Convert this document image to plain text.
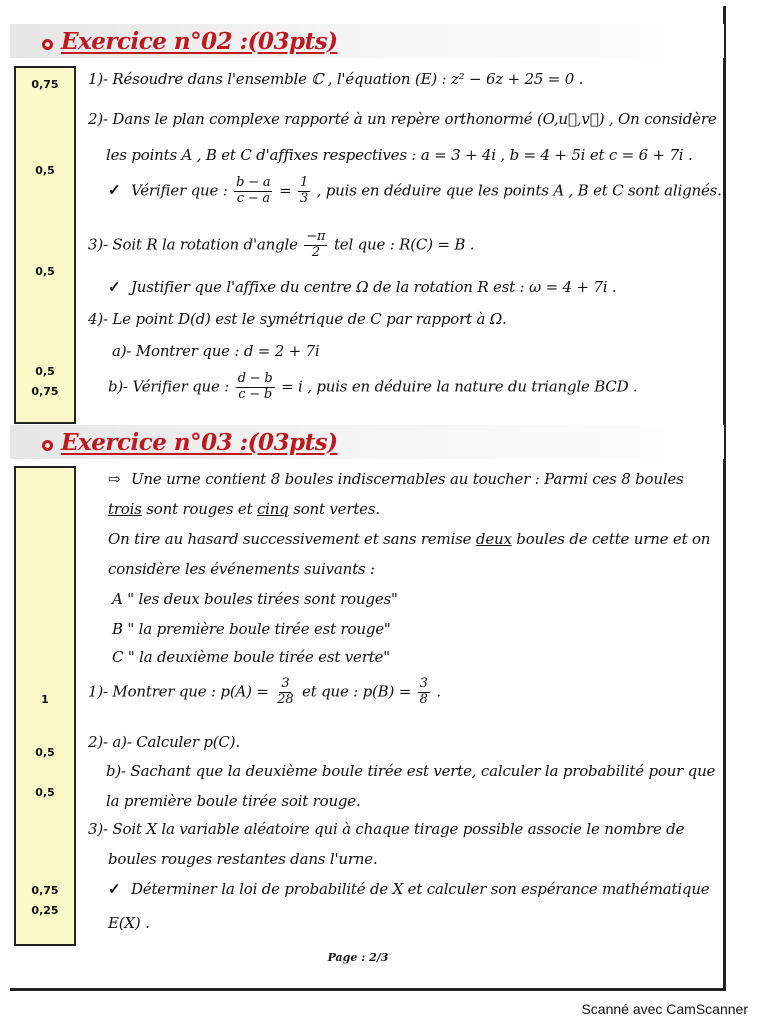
Exercice n°02 :(03pts)
0,75
0,5
0,5
0,5
0,75
1)- Résoudre dans l'ensemble ℂ , l'équation (E) : z² − 6z + 25 = 0 .
2)- Dans le plan complexe rapporté à un repère orthonormé (O,u⃗,v⃗) , On considère
les points A , B et C d'affixes respectives : a = 3 + 4i , b = 4 + 5i et c = 6 + 7i .
✓ Vérifier que : $\frac{b - a}{c - a} = \frac{1}{3}$ , puis en déduire que les points A , B et C sont alignés.
3)- Soit R la rotation d'angle $\frac{-\pi}{2}$ tel que : R(C) = B .
✓ Justifier que l'affixe du centre Ω de la rotation R est : ω = 4 + 7i .
4)- Le point D(d) est le symétrique de C par rapport à Ω.
a)- Montrer que : d = 2 + 7i
b)- Vérifier que : $\frac{d - b}{c - b} = i$ , puis en déduire la nature du triangle BCD .
Exercice n°03 :(03pts)
1
0,5
0,5
0,75
0,25
⇨ Une urne contient 8 boules indiscernables au toucher : Parmi ces 8 boules
trois sont rouges et cinq sont vertes.
On tire au hasard successivement et sans remise deux boules de cette urne et on
considère les événements suivants :
A " les deux boules tirées sont rouges"
B " la première boule tirée est rouge"
C " la deuxième boule tirée est verte"
1)- Montrer que : $p(A) = \frac{3}{28}$ et que : $p(B) = \frac{3}{8}$ .
2)- a)- Calculer p(C).
b)- Sachant que la deuxième boule tirée est verte, calculer la probabilité pour que
la première boule tirée soit rouge.
3)- Soit X la variable aléatoire qui à chaque tirage possible associe le nombre de
boules rouges restantes dans l'urne.
✓ Déterminer la loi de probabilité de X et calculer son espérance mathématique
E(X) .
Page : 2/3
Scanné avec CamScanner
